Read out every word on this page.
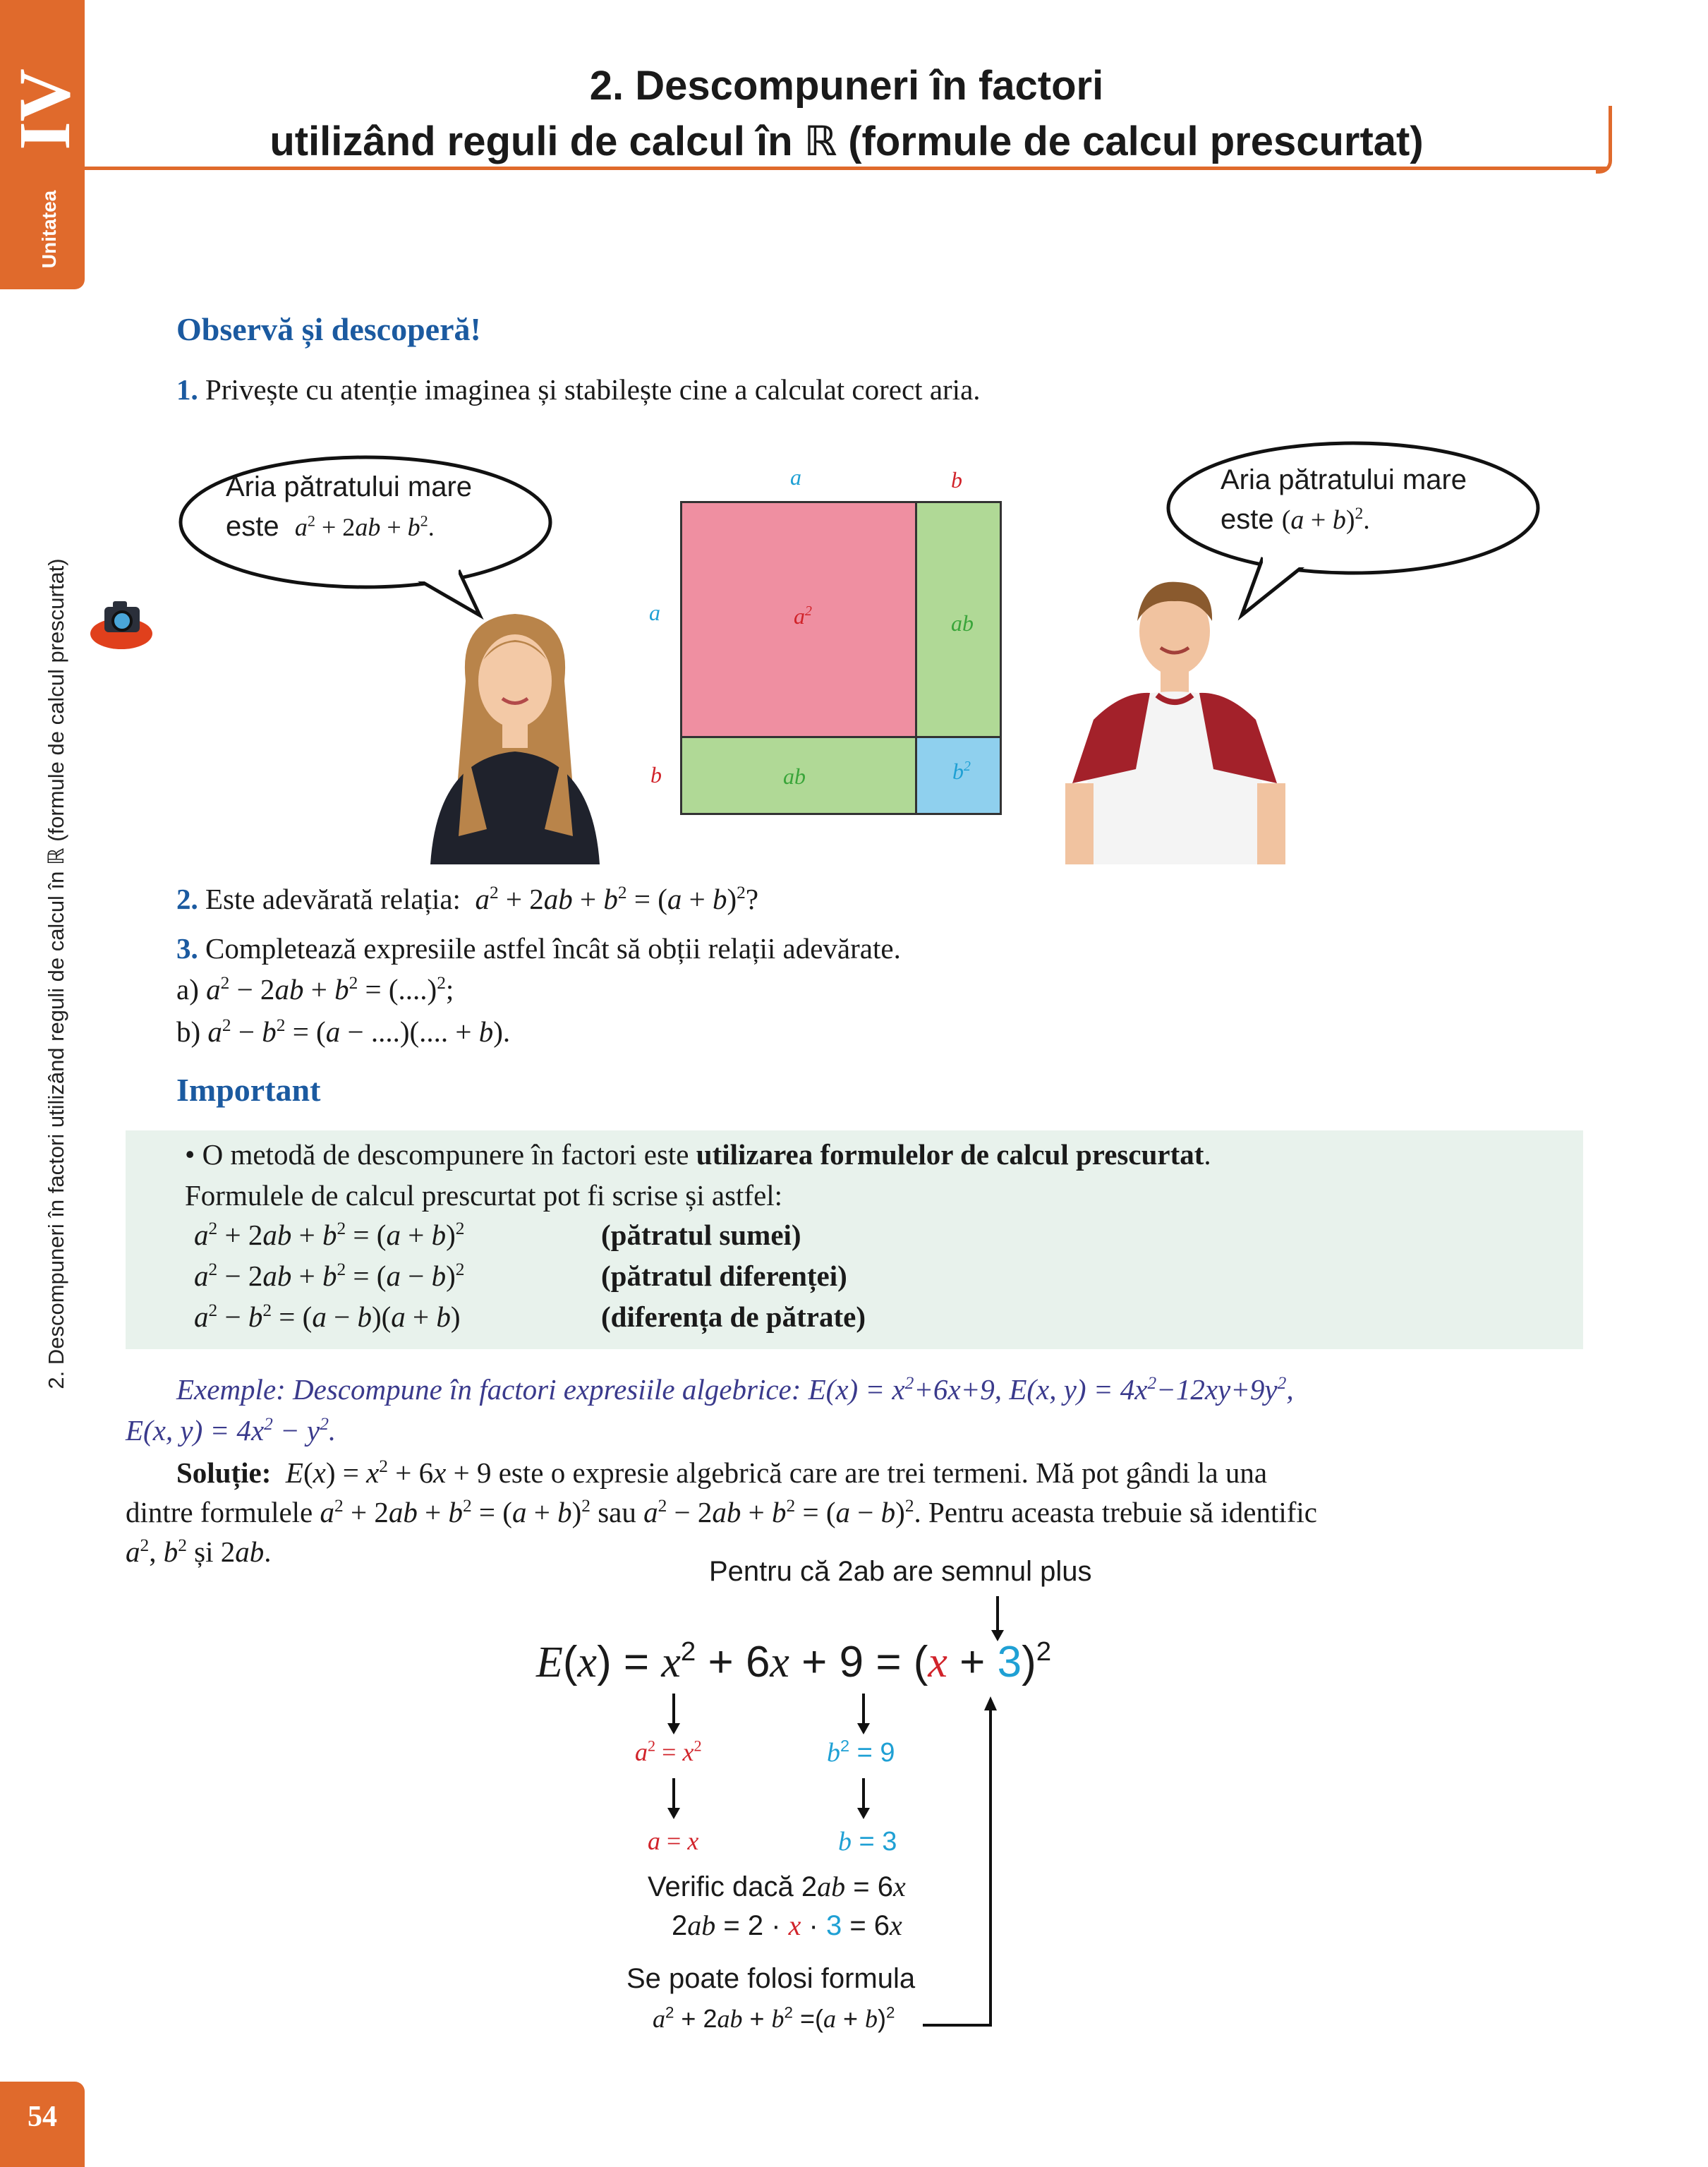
IV
Unitatea
2. Descompuneri în factori utilizând reguli de calcul în ℝ (formule de calcul prescurtat)
54
2. Descompuneri în factori
utilizând reguli de calcul în ℝ (formule de calcul prescurtat)
Observă și descoperă!
1. Privește cu atenție imaginea și stabilește cine a calculat corect aria.
Aria pătratului mare
este $a^2 + 2ab + b^2$.
Aria pătratului mare
este $(a + b)^2$.
a	b
a
b
$a^2$	ab
ab	$b^2$
2. Este adevărată relația:  $a^2 + 2ab + b^2 = (a + b)^2$?
3. Completează expresiile astfel încât să obții relații adevărate.
a) $a^2 - 2ab + b^2 = (....)^2$;
b) $a^2 - b^2 = (a$ − ....)(.... + b).
Important
• O metodă de descompunere în factori este utilizarea formulelor de calcul prescurtat.
Formulele de calcul prescurtat pot fi scrise și astfel:
$a^2 + 2ab + b^2 = (a + b)^2$	(pătratul sumei)
$a^2 - 2ab + b^2 = (a - b)^2$	(pătratul diferenței)
$a^2 - b^2 = (a - b)(a + b)$	(diferența de pătrate)
Exemple: Descompune în factori expresiile algebrice: $E(x) = x^2+6x+9$, E(x, $y) = 4x^2-12xy+9y^2$,
E(x, $y) = 4x^2 - y^2$.
Soluție: $E(x) = x^2 + 6x + 9$ este o expresie algebrică care are trei termeni. Mă pot gândi la una
dintre formulele $a^2 + 2ab + b^2 = (a + b)^2$ sau $a^2 - 2ab + b^2 = (a - b)^2$. Pentru aceasta trebuie să identific
$a^2$, $b^2$ și 2ab.
Pentru că 2ab are semnul plus
$E(x) = x^2 + 6x + 9 = (x + 3)^2$
$a^2 = x^2$
a = x
$b^2 = 9$
b = 3
Verific dacă 2ab = 6x
2ab = 2 · x · 3 = 6x
Se poate folosi formula
$a^2 + 2ab + b^2 =(a + b)^2$
